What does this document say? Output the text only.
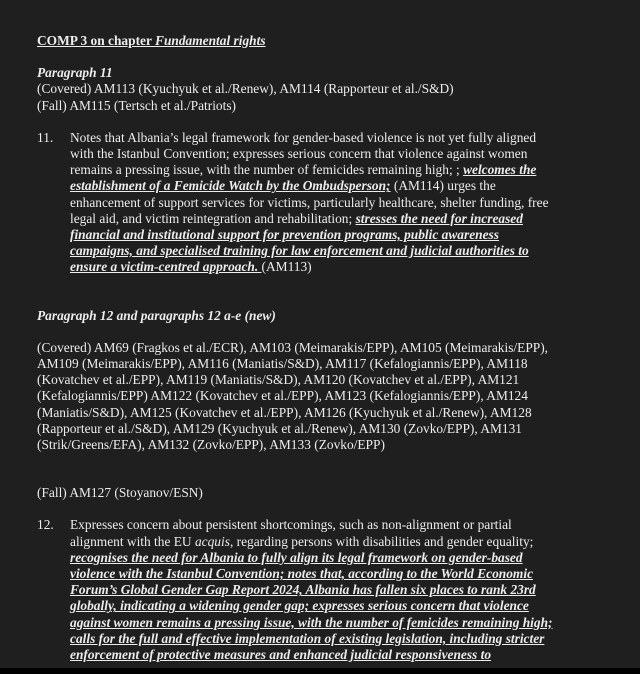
COMP 3 on chapter Fundamental rights
Paragraph 11
(Covered) AM113 (Kyuchyuk et al./Renew), AM114 (Rapporteur et al./S&D)
(Fall) AM115 (Tertsch et al./Patriots)
11.	Notes that Albania’s legal framework for gender-based violence is not yet fully aligned with the Istanbul Convention; expresses serious concern that violence against women remains a pressing issue, with the number of femicides remaining high; ; welcomes the establishment of a Femicide Watch by the Ombudsperson; (AM114) urges the enhancement of support services for victims, particularly healthcare, shelter funding, free legal aid, and victim reintegration and rehabilitation; stresses the need for increased financial and institutional support for prevention programs, public awareness campaigns, and specialised training for law enforcement and judicial authorities to ensure a victim-centred approach. (AM113)
Paragraph 12 and paragraphs 12 a-e (new)
(Covered) AM69 (Fragkos et al./ECR), AM103 (Meimarakis/EPP), AM105 (Meimarakis/EPP), AM109 (Meimarakis/EPP), AM116 (Maniatis/S&D), AM117 (Kefalogiannis/EPP), AM118 (Kovatchev et al./EPP), AM119 (Maniatis/S&D), AM120 (Kovatchev et al./EPP), AM121 (Kefalogiannis/EPP) AM122 (Kovatchev et al./EPP), AM123 (Kefalogiannis/EPP), AM124 (Maniatis/S&D), AM125 (Kovatchev et al./EPP), AM126 (Kyuchyuk et al./Renew), AM128 (Rapporteur et al./S&D), AM129 (Kyuchyuk et al./Renew), AM130 (Zovko/EPP), AM131 (Strik/Greens/EFA), AM132 (Zovko/EPP), AM133 (Zovko/EPP)
(Fall) AM127 (Stoyanov/ESN)
12.	Expresses concern about persistent shortcomings, such as non-alignment or partial alignment with the EU acquis, regarding persons with disabilities and gender equality; recognises the need for Albania to fully align its legal framework on gender-based violence with the Istanbul Convention; notes that, according to the World Economic Forum’s Global Gender Gap Report 2024, Albania has fallen six places to rank 23rd globally, indicating a widening gender gap; expresses serious concern that violence against women remains a pressing issue, with the number of femicides remaining high; calls for the full and effective implementation of existing legislation, including stricter enforcement of protective measures and enhanced judicial responsiveness to
